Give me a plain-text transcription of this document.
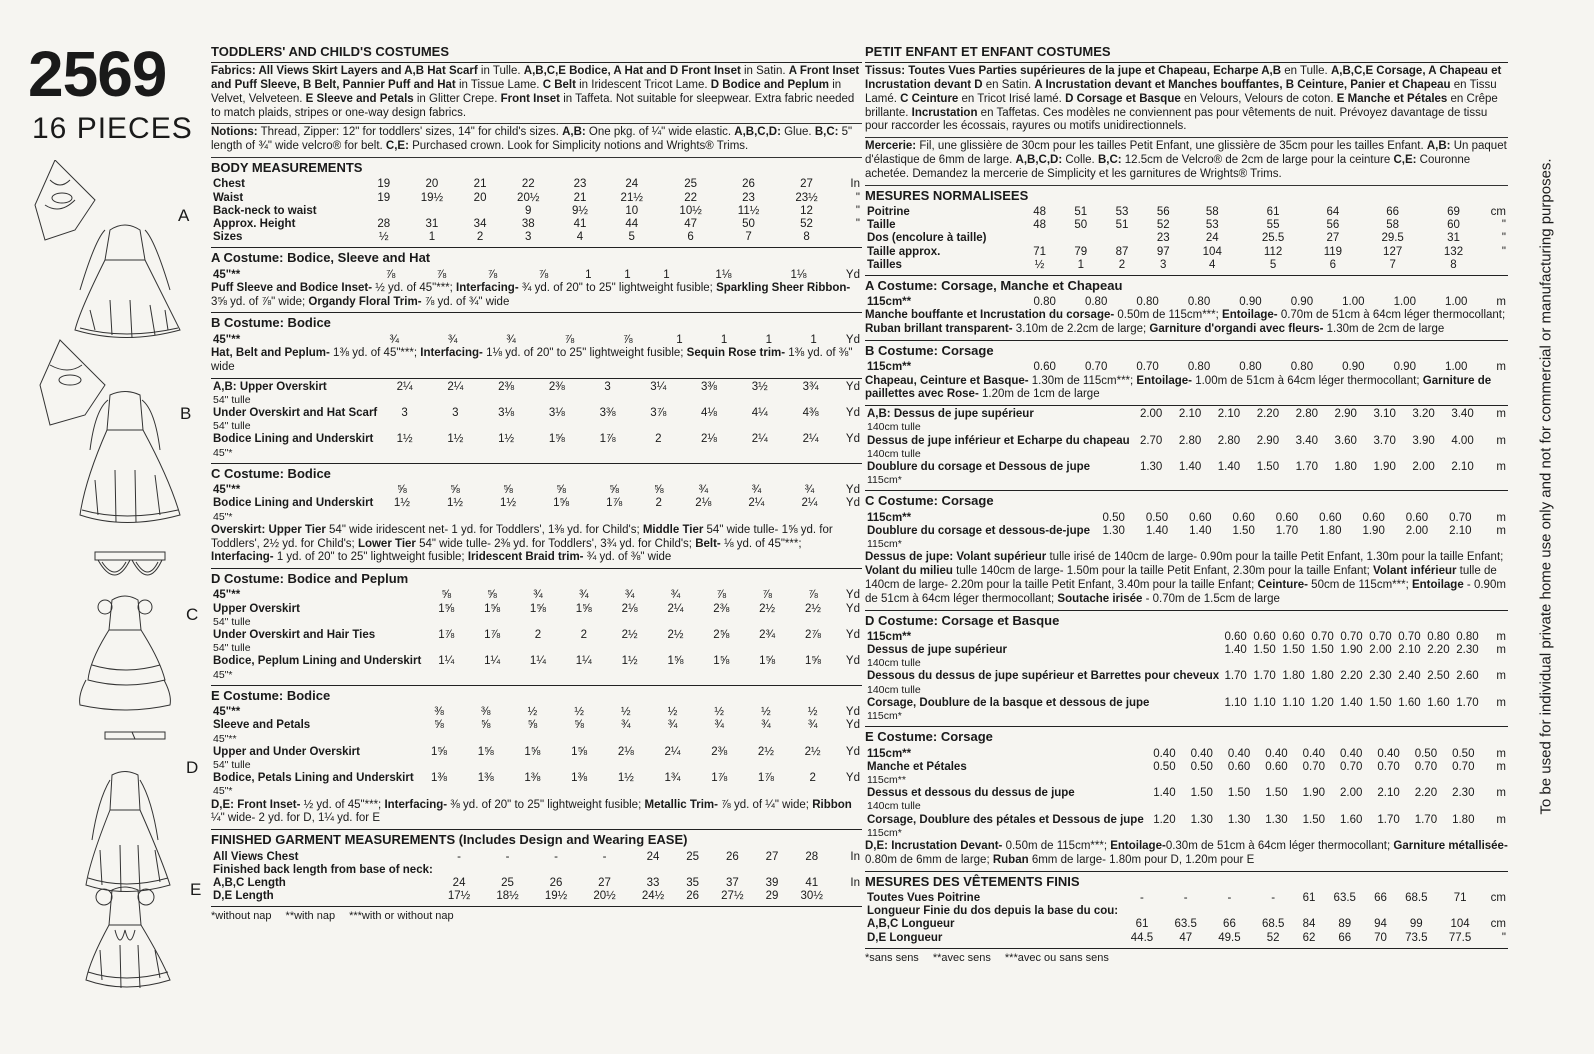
2569
16 PIECES
A
B
C
D
E
TODDLERS' AND CHILD'S COSTUMES
Fabrics: All Views Skirt Layers and A,B Hat Scarf in Tulle. A,B,C,E Bodice, A Hat and D Front Inset in Satin. A Front Inset and Puff Sleeve, B Belt, Pannier Puff and Hat in Tissue Lame. C Belt in Iridescent Tricot Lame. D Bodice and Peplum in Velvet, Velveteen. E Sleeve and Petals in Glitter Crepe. Front Inset in Taffeta. Not suitable for sleepwear. Extra fabric needed to match plaids, stripes or one-way design fabrics.
Notions: Thread, Zipper: 12" for toddlers' sizes, 14" for child's sizes. A,B: One pkg. of ¼" wide elastic. A,B,C,D: Glue. B,C: 5" length of ¾" wide velcro® for belt. C,E: Purchased crown. Look for Simplicity notions and Wrights® Trims.
BODY MEASUREMENTS
Chest	19	20	21	22	23	24	25	26	27	In
Waist	19	19½	20	20½	21	21½	22	23	23½	"
Back-neck to waist				9	9½	10	10½	11½	12	"
Approx. Height	28	31	34	38	41	44	47	50	52	"
Sizes	½	1	2	3	4	5	6	7	8	
A Costume: Bodice, Sleeve and Hat
45"**	⅞	⅞	⅞	⅞	1	1	1	1⅛	1⅛	Yd
Puff Sleeve and Bodice Inset- ½ yd. of 45"***; Interfacing- ¾ yd. of 20" to 25" lightweight fusible; Sparkling Sheer Ribbon- 3⅝ yd. of ⅞" wide; Organdy Floral Trim- ⅞ yd. of ¾" wide
B Costume: Bodice
45"**	¾	¾	¾	⅞	⅞	1	1	1	1	Yd
Hat, Belt and Peplum- 1⅜ yd. of 45"***; Interfacing- 1⅛ yd. of 20" to 25" lightweight fusible; Sequin Rose trim- 1⅜ yd. of ⅜" wide
A,B: Upper Overskirt
54" tulle	2¼	2¼	2⅜	2⅜	3	3¼	3⅜	3½	3¾	Yd
Under Overskirt and Hat Scarf
54" tulle	3	3	3⅛	3⅛	3⅜	3⅞	4⅛	4¼	4⅜	Yd
Bodice Lining and Underskirt
45"*	1½	1½	1½	1⅝	1⅞	2	2⅛	2¼	2¼	Yd
C Costume: Bodice
45"**	⅝	⅝	⅝	⅝	⅝	⅝	¾	¾	¾	Yd
Bodice Lining and Underskirt
45"*	1½	1½	1½	1⅝	1⅞	2	2⅛	2¼	2¼	Yd
Overskirt: Upper Tier 54" wide iridescent net- 1 yd. for Toddlers', 1⅜ yd. for Child's; Middle Tier 54" wide tulle- 1⅝ yd. for Toddlers', 2½ yd. for Child's; Lower Tier 54" wide tulle- 2⅜ yd. for Toddlers', 3¾ yd. for Child's; Belt- ⅛ yd. of 45"***; Interfacing- 1 yd. of 20" to 25" lightweight fusible; Iridescent Braid trim- ¾ yd. of ⅜" wide
D Costume: Bodice and Peplum
45"**	⅝	⅝	¾	¾	¾	¾	⅞	⅞	⅞	Yd
Upper Overskirt
54" tulle	1⅝	1⅝	1⅝	1⅝	2⅛	2¼	2⅜	2½	2½	Yd
Under Overskirt and Hair Ties
54" tulle	1⅞	1⅞	2	2	2½	2½	2⅝	2¾	2⅞	Yd
Bodice, Peplum Lining and Underskirt
45"*	1¼	1¼	1¼	1¼	1½	1⅝	1⅝	1⅝	1⅝	Yd
E Costume: Bodice
45"**	⅜	⅜	½	½	½	½	½	½	½	Yd
Sleeve and Petals
45"**	⅝	⅝	⅝	⅝	¾	¾	¾	¾	¾	Yd
Upper and Under Overskirt
54" tulle	1⅝	1⅝	1⅝	1⅝	2⅛	2¼	2⅜	2½	2½	Yd
Bodice, Petals Lining and Underskirt
45"*	1⅜	1⅜	1⅜	1⅜	1½	1¾	1⅞	1⅞	2	Yd
D,E: Front Inset- ½ yd. of 45"***; Interfacing- ⅜ yd. of 20" to 25" lightweight fusible; Metallic Trim- ⅞ yd. of ¼" wide; Ribbon ¼" wide- 2 yd. for D, 1¼ yd. for E
FINISHED GARMENT MEASUREMENTS (Includes Design and Wearing EASE)
All Views Chest	-	-	-	-	24	25	26	27	28	In
Finished back length from base of neck:										
A,B,C Length	24	25	26	27	33	35	37	39	41	In
D,E Length	17½	18½	19½	20½	24½	26	27½	29	30½	
*without nap **with nap ***with or without nap
PETIT ENFANT ET ENFANT COSTUMES
Tissus: Toutes Vues Parties supérieures de la jupe et Chapeau, Echarpe A,B en Tulle. A,B,C,E Corsage, A Chapeau et Incrustation devant D en Satin. A Incrustation devant et Manches bouffantes, B Ceinture, Panier et Chapeau en Tissu Lamé. C Ceinture en Tricot Irisé lamé. D Corsage et Basque en Velours, Velours de coton. E Manche et Pétales en Crêpe brillante. Incrustation en Taffetas. Ces modèles ne conviennent pas pour vêtements de nuit. Prévoyez davantage de tissu pour raccorder les écossais, rayures ou motifs unidirectionnels.
Mercerie: Fil, une glissière de 30cm pour les tailles Petit Enfant, une glissière de 35cm pour les tailles Enfant. A,B: Un paquet d'élastique de 6mm de large. A,B,C,D: Colle. B,C: 12.5cm de Velcro® de 2cm de large pour la ceinture C,E: Couronne achetée. Demandez la mercerie de Simplicity et les garnitures de Wrights® Trims.
MESURES NORMALISEES
Poitrine	48	51	53	56	58	61	64	66	69	cm
Taille	48	50	51	52	53	55	56	58	60	"
Dos (encolure à taille)				23	24	25.5	27	29.5	31	"
Taille approx.	71	79	87	97	104	112	119	127	132	"
Tailles	½	1	2	3	4	5	6	7	8	
A Costume: Corsage, Manche et Chapeau
115cm**	0.80	0.80	0.80	0.80	0.90	0.90	1.00	1.00	1.00	m
Manche bouffante et Incrustation du corsage- 0.50m de 115cm***; Entoilage- 0.70m de 51cm à 64cm léger thermocollant; Ruban brillant transparent- 3.10m de 2.2cm de large; Garniture d'organdi avec fleurs- 1.30m de 2cm de large
B Costume: Corsage
115cm**	0.60	0.70	0.70	0.80	0.80	0.80	0.90	0.90	1.00	m
Chapeau, Ceinture et Basque- 1.30m de 115cm***; Entoilage- 1.00m de 51cm à 64cm léger thermocollant; Garniture de paillettes avec Rose- 1.20m de 1cm de large
A,B: Dessus de jupe supérieur
140cm tulle	2.00	2.10	2.10	2.20	2.80	2.90	3.10	3.20	3.40	m
Dessus de jupe inférieur et Echarpe du chapeau
140cm tulle	2.70	2.80	2.80	2.90	3.40	3.60	3.70	3.90	4.00	m
Doublure du corsage et Dessous de jupe
115cm*	1.30	1.40	1.40	1.50	1.70	1.80	1.90	2.00	2.10	m
C Costume: Corsage
115cm**	0.50	0.50	0.60	0.60	0.60	0.60	0.60	0.60	0.70	m
Doublure du corsage et dessous-de-jupe
115cm*	1.30	1.40	1.40	1.50	1.70	1.80	1.90	2.00	2.10	m
Dessus de jupe: Volant supérieur tulle irisé de 140cm de large- 0.90m pour la taille Petit Enfant, 1.30m pour la taille Enfant; Volant du milieu tulle 140cm de large- 1.50m pour la taille Petit Enfant, 2.30m pour la taille Enfant; Volant inférieur tulle de 140cm de large- 2.20m pour la taille Petit Enfant, 3.40m pour la taille Enfant; Ceinture- 50cm de 115cm***; Entoilage - 0.90m de 51cm à 64cm léger thermocollant; Soutache irisée - 0.70m de 1.5cm de large
D Costume: Corsage et Basque
115cm**	0.60	0.60	0.60	0.70	0.70	0.70	0.70	0.80	0.80	m
Dessus de jupe supérieur
140cm tulle	1.40	1.50	1.50	1.50	1.90	2.00	2.10	2.20	2.30	m
Dessous du dessus de jupe supérieur et Barrettes pour cheveux
140cm tulle	1.70	1.70	1.80	1.80	2.20	2.30	2.40	2.50	2.60	m
Corsage, Doublure de la basque et dessous de jupe
115cm*	1.10	1.10	1.10	1.20	1.40	1.50	1.60	1.60	1.70	m
E Costume: Corsage
115cm**	0.40	0.40	0.40	0.40	0.40	0.40	0.40	0.50	0.50	m
Manche et Pétales
115cm**	0.50	0.50	0.60	0.60	0.70	0.70	0.70	0.70	0.70	m
Dessus et dessous du dessus de jupe
140cm tulle	1.40	1.50	1.50	1.50	1.90	2.00	2.10	2.20	2.30	m
Corsage, Doublure des pétales et Dessous de jupe
115cm*	1.20	1.30	1.30	1.30	1.50	1.60	1.70	1.70	1.80	m
D,E: Incrustation Devant- 0.50m de 115cm***; Entoilage-0.30m de 51cm à 64cm léger thermocollant; Garniture métallisée- 0.80m de 6mm de large; Ruban 6mm de large- 1.80m pour D, 1.20m pour E
MESURES DES VÊTEMENTS FINIS
Toutes Vues Poitrine	-	-	-	-	61	63.5	66	68.5	71	cm
Longueur Finie du dos depuis la base du cou:										
A,B,C Longueur	61	63.5	66	68.5	84	89	94	99	104	cm
D,E Longueur	44.5	47	49.5	52	62	66	70	73.5	77.5	"
*sans sens **avec sens ***avec ou sans sens
To be used for individual private home use only and not for commercial or manufacturing purposes.
